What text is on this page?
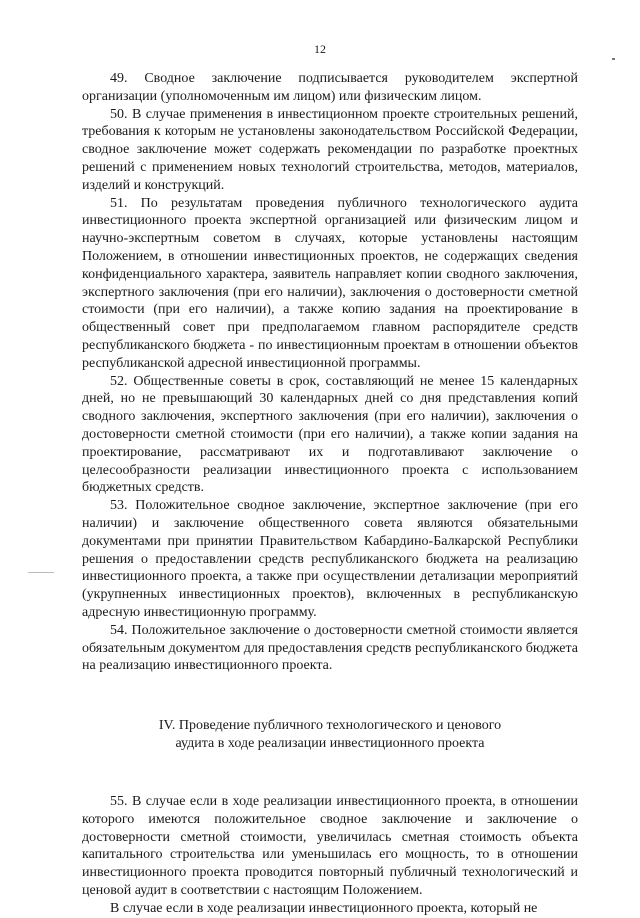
12

49. Сводное заключение подписывается руководителем экспертной организации (уполномоченным им лицом) или физическим лицом.

50. В случае применения в инвестиционном проекте строительных решений, требования к которым не установлены законодательством Российской Федерации, сводное заключение может содержать рекомендации по разработке проектных решений с применением новых технологий строительства, методов, материалов, изделий и конструкций.

51. По результатам проведения публичного технологического аудита инвестиционного проекта экспертной организацией или физическим лицом и научно-экспертным советом в случаях, которые установлены настоящим Положением, в отношении инвестиционных проектов, не содержащих сведения конфиденциального характера, заявитель направляет копии сводного заключения, экспертного заключения (при его наличии), заключения о достоверности сметной стоимости (при его наличии), а также копию задания на проектирование в общественный совет при предполагаемом главном распорядителе средств республиканского бюджета - по инвестиционным проектам в отношении объектов республиканской адресной инвестиционной программы.

52. Общественные советы в срок, составляющий не менее 15 календарных дней, но не превышающий 30 календарных дней со дня представления копий сводного заключения, экспертного заключения (при его наличии), заключения о достоверности сметной стоимости (при его наличии), а также копии задания на проектирование, рассматривают их и подготавливают заключение о целесообразности реализации инвестиционного проекта с использованием бюджетных средств.

53. Положительное сводное заключение, экспертное заключение (при его наличии) и заключение общественного совета являются обязательными документами при принятии Правительством Кабардино-Балкарской Республики решения о предоставлении средств республиканского бюджета на реализацию инвестиционного проекта, а также при осуществлении детализации мероприятий (укрупненных инвестиционных проектов), включенных в республиканскую адресную инвестиционную программу.

54. Положительное заключение о достоверности сметной стоимости является обязательным документом для предоставления средств республиканского бюджета на реализацию инвестиционного проекта.

IV. Проведение публичного технологического и ценового
аудита в ходе реализации инвестиционного проекта

55. В случае если в ходе реализации инвестиционного проекта, в отношении которого имеются положительное сводное заключение и заключение о достоверности сметной стоимости, увеличилась сметная стоимость объекта капитального строительства или уменьшилась его мощность, то в отношении инвестиционного проекта проводится повторный публичный технологический и ценовой аудит в соответствии с настоящим Положением.

В случае если в ходе реализации инвестиционного проекта, который не
